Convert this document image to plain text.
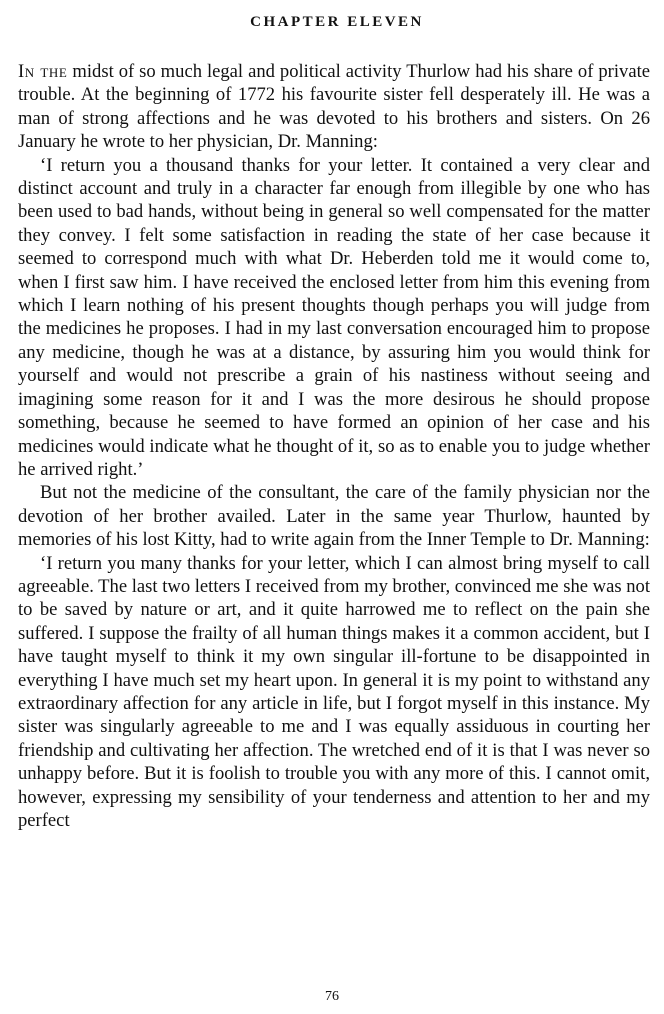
CHAPTER ELEVEN

In the midst of so much legal and political activity Thurlow had his share of private trouble. At the beginning of 1772 his favourite sister fell desperately ill. He was a man of strong affections and he was devoted to his brothers and sisters. On 26 January he wrote to her physician, Dr. Manning:

‘I return you a thousand thanks for your letter. It contained a very clear and distinct account and truly in a character far enough from illegible by one who has been used to bad hands, without being in general so well compensated for the matter they convey. I felt some satisfaction in reading the state of her case because it seemed to correspond much with what Dr. Heberden told me it would come to, when I first saw him. I have received the enclosed letter from him this evening from which I learn nothing of his present thoughts though perhaps you will judge from the medicines he proposes. I had in my last conversation encouraged him to propose any medicine, though he was at a distance, by assuring him you would think for yourself and would not prescribe a grain of his nastiness without seeing and imagining some reason for it and I was the more desirous he should propose something, because he seemed to have formed an opinion of her case and his medicines would indicate what he thought of it, so as to enable you to judge whether he arrived right.’

But not the medicine of the consultant, the care of the family physician nor the devotion of her brother availed. Later in the same year Thurlow, haunted by memories of his lost Kitty, had to write again from the Inner Temple to Dr. Manning:

‘I return you many thanks for your letter, which I can almost bring myself to call agreeable. The last two letters I received from my brother, convinced me she was not to be saved by nature or art, and it quite harrowed me to reflect on the pain she suffered. I suppose the frailty of all human things makes it a common accident, but I have taught myself to think it my own singular ill-fortune to be disappointed in everything I have much set my heart upon. In general it is my point to withstand any extraordinary affection for any article in life, but I forgot myself in this instance. My sister was singularly agreeable to me and I was equally assiduous in courting her friendship and cultivating her affection. The wretched end of it is that I was never so unhappy before. But it is foolish to trouble you with any more of this. I cannot omit, however, expressing my sensibility of your tenderness and attention to her and my perfect

76
